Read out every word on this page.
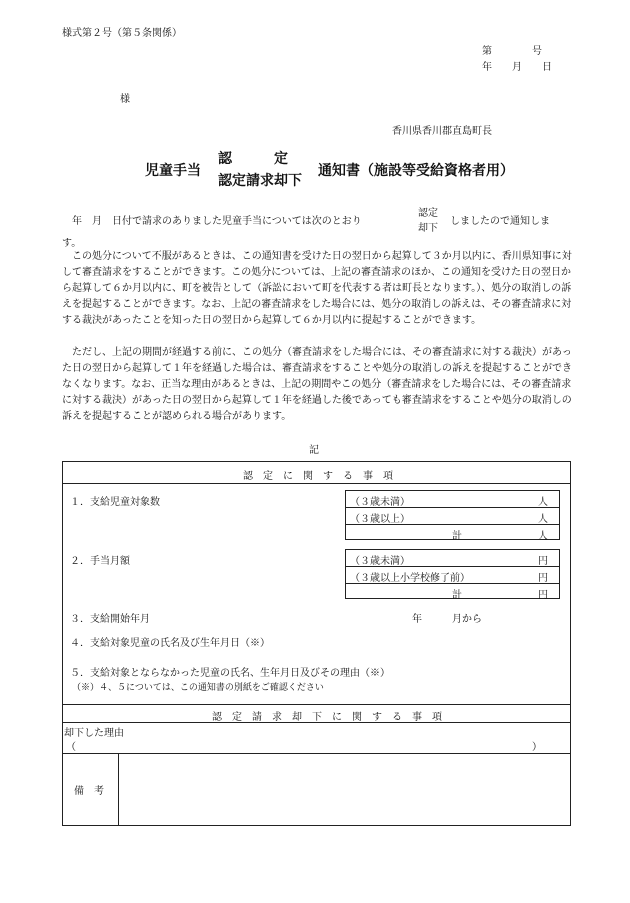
様式第２号（第５条関係）
第　　　　号
年　　月　　日
様
香川県香川郡直島町長
児童手当
認　　　定
認定請求却下
通知書（施設等受給資格者用）
年　月　日付で請求のありました児童手当については次のとおり
認定
却下
しましたので通知しま
す。
この処分について不服があるときは、この通知書を受けた日の翌日から起算して３か月以内に、香川県知事に対して審査請求をすることができます。この処分については、上記の審査請求のほか、この通知を受けた日の翌日から起算して６か月以内に、町を被告として（訴訟において町を代表する者は町長となります。）、処分の取消しの訴えを提起することができます。なお、上記の審査請求をした場合には、処分の取消しの訴えは、その審査請求に対する裁決があったことを知った日の翌日から起算して６か月以内に提起することができます。
ただし、上記の期間が経過する前に、この処分（審査請求をした場合には、その審査請求に対する裁決）があった日の翌日から起算して１年を経過した場合は、審査請求をすることや処分の取消しの訴えを提起することができなくなります。なお、正当な理由があるときは、上記の期間やこの処分（審査請求をした場合には、その審査請求に対する裁決）があった日の翌日から起算して１年を経過した後であっても審査請求をすることや処分の取消しの訴えを提起することが認められる場合があります。
記
認　定　に　関　す　る　事　項
１．支給児童対象数	（３歳未満）	人
（３歳以上）	人
計	人
２．手当月額	（３歳未満）	円
（３歳以上小学校修了前）	円
計	円
３．支給開始年月	年　　　月から
４．支給対象児童の氏名及び生年月日（※）
５．支給対象とならなかった児童の氏名、生年月日及びその理由（※）
（※）４、５については、この通知書の別紙をご確認ください
認　定　請　求　却　下　に　関　す　る　事　項
却下した理由
（	）
備　考
